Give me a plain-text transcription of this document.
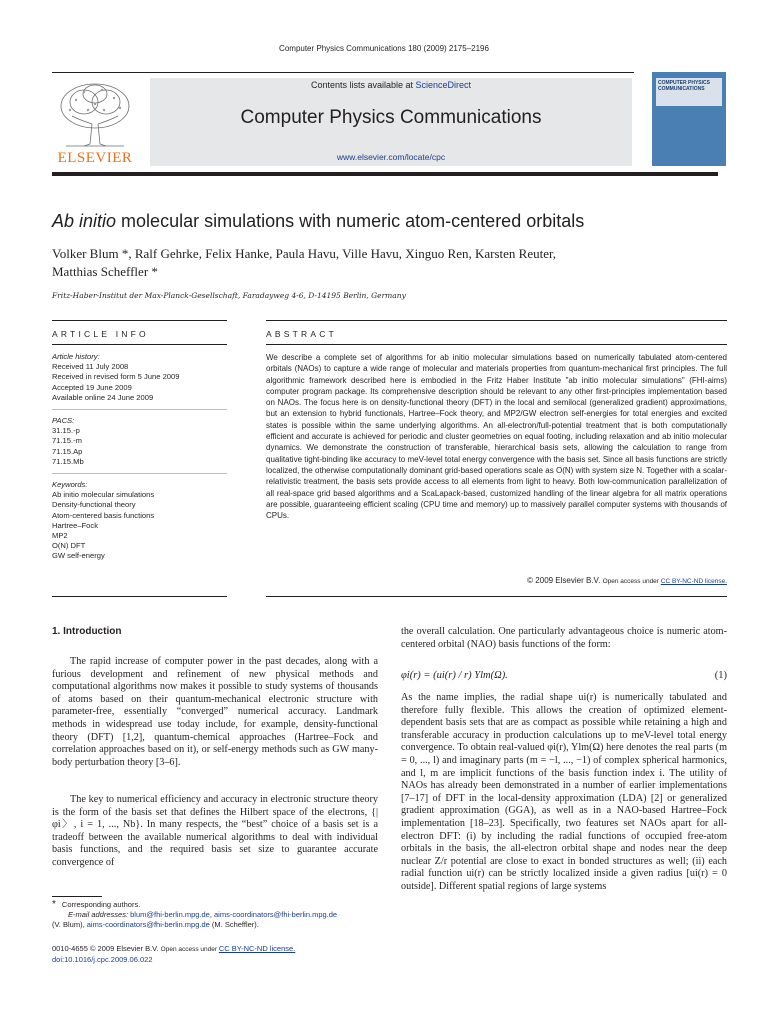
Computer Physics Communications 180 (2009) 2175–2196
ELSEVIER
Contents lists available at ScienceDirect
Computer Physics Communications
www.elsevier.com/locate/cpc
COMPUTER PHYSICS COMMUNICATIONS
Ab initio molecular simulations with numeric atom-centered orbitals
Volker Blum *, Ralf Gehrke, Felix Hanke, Paula Havu, Ville Havu, Xinguo Ren, Karsten Reuter,
Matthias Scheffler *
Fritz-Haber-Institut der Max-Planck-Gesellschaft, Faradayweg 4-6, D-14195 Berlin, Germany
ARTICLE INFO
Article history:
Received 11 July 2008
Received in revised form 5 June 2009
Accepted 19 June 2009
Available online 24 June 2009
PACS:
31.15.-p
71.15.-m
71.15.Ap
71.15.Mb
Keywords:
Ab initio molecular simulations
Density-functional theory
Atom-centered basis functions
Hartree–Fock
MP2
O(N) DFT
GW self-energy
ABSTRACT
We describe a complete set of algorithms for ab initio molecular simulations based on numerically tabulated atom-centered orbitals (NAOs) to capture a wide range of molecular and materials properties from quantum-mechanical first principles. The full algorithmic framework described here is embodied in the Fritz Haber Institute "ab initio molecular simulations" (FHI-aims) computer program package. Its comprehensive description should be relevant to any other first-principles implementation based on NAOs. The focus here is on density-functional theory (DFT) in the local and semilocal (generalized gradient) approximations, but an extension to hybrid functionals, Hartree–Fock theory, and MP2/GW electron self-energies for total energies and excited states is possible within the same underlying algorithms. An all-electron/full-potential treatment that is both computationally efficient and accurate is achieved for periodic and cluster geometries on equal footing, including relaxation and ab initio molecular dynamics. We demonstrate the construction of transferable, hierarchical basis sets, allowing the calculation to range from qualitative tight-binding like accuracy to meV-level total energy convergence with the basis set. Since all basis functions are strictly localized, the otherwise computationally dominant grid-based operations scale as O(N) with system size N. Together with a scalar-relativistic treatment, the basis sets provide access to all elements from light to heavy. Both low-communication parallelization of all real-space grid based algorithms and a ScaLapack-based, customized handling of the linear algebra for all matrix operations are possible, guaranteeing efficient scaling (CPU time and memory) up to massively parallel computer systems with thousands of CPUs.
© 2009 Elsevier B.V. Open access under CC BY-NC-ND license.
1. Introduction
The rapid increase of computer power in the past decades, along with a furious development and refinement of new physical methods and computational algorithms now makes it possible to study systems of thousands of atoms based on their quantum-mechanical electronic structure with parameter-free, essentially “converged” numerical accuracy. Landmark methods in widespread use today include, for example, density-functional theory (DFT) [1,2], quantum-chemical approaches (Hartree–Fock and correlation approaches based on it), or self-energy methods such as GW many-body perturbation theory [3–6].
The key to numerical efficiency and accuracy in electronic structure theory is the form of the basis set that defines the Hilbert space of the electrons, {|φi〉, i = 1, ..., Nb}. In many respects, the “best” choice of a basis set is a tradeoff between the available numerical algorithms to deal with individual basis functions, and the required basis set size to guarantee accurate convergence of
* Corresponding authors.
E-mail addresses: blum@fhi-berlin.mpg.de, aims-coordinators@fhi-berlin.mpg.de
(V. Blum), aims-coordinators@fhi-berlin.mpg.de (M. Scheffler).
0010-4655 © 2009 Elsevier B.V. Open access under CC BY-NC-ND license.
doi:10.1016/j.cpc.2009.06.022
the overall calculation. One particularly advantageous choice is numeric atom-centered orbital (NAO) basis functions of the form:
φi(r) = (ui(r) / r) Ylm(Ω).	(1)
As the name implies, the radial shape ui(r) is numerically tabulated and therefore fully flexible. This allows the creation of optimized element-dependent basis sets that are as compact as possible while retaining a high and transferable accuracy in production calculations up to meV-level total energy convergence. To obtain real-valued φi(r), Ylm(Ω) here denotes the real parts (m = 0, ..., l) and imaginary parts (m = −l, ..., −1) of complex spherical harmonics, and l, m are implicit functions of the basis function index i. The utility of NAOs has already been demonstrated in a number of earlier implementations [7–17] of DFT in the local-density approximation (LDA) [2] or generalized gradient approximation (GGA), as well as in a NAO-based Hartree–Fock implementation [18–23]. Specifically, two features set NAOs apart for all-electron DFT: (i) by including the radial functions of occupied free-atom orbitals in the basis, the all-electron orbital shape and nodes near the deep nuclear Z/r potential are close to exact in bonded structures as well; (ii) each radial function ui(r) can be strictly localized inside a given radius [ui(r) = 0 outside]. Different spatial regions of large systems
